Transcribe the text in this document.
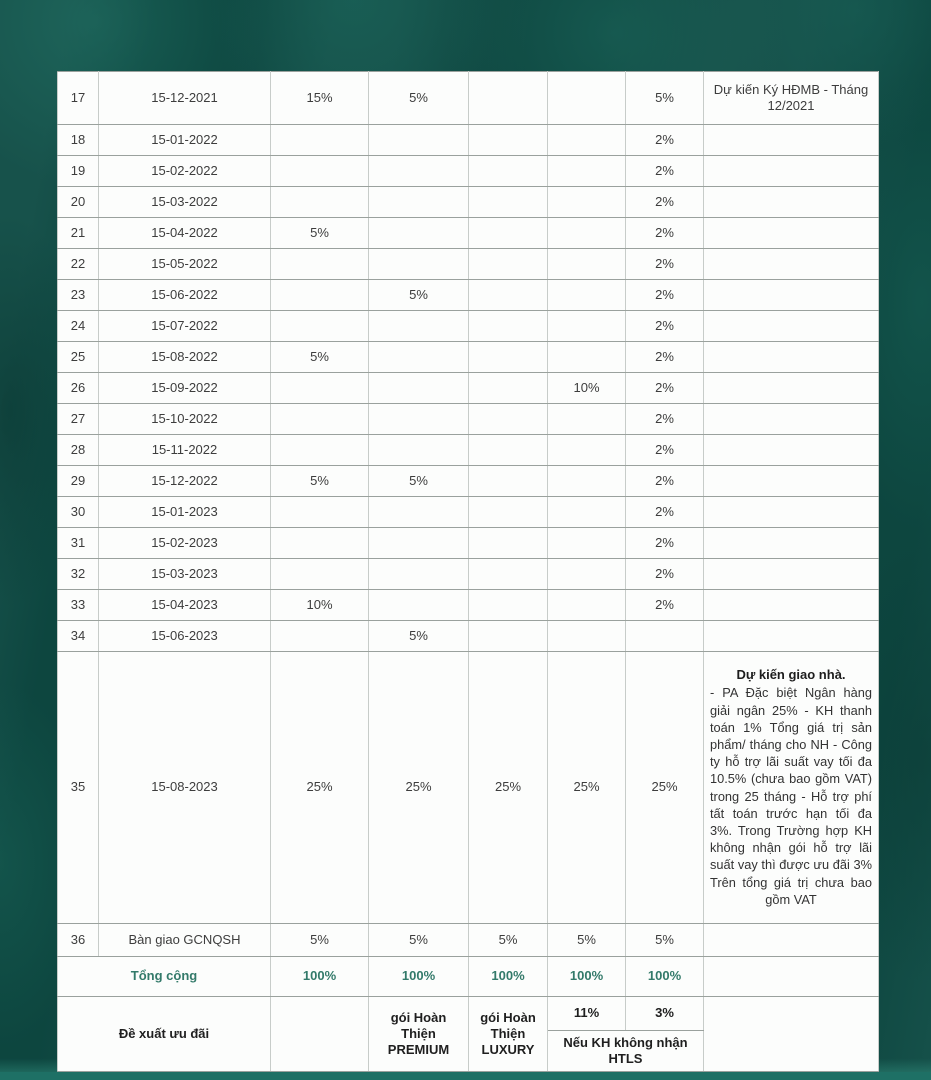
17	15-12-2021	15%	5%			5%	Dự kiến Ký HĐMB - Tháng 12/2021
18	15-01-2022					2%	
19	15-02-2022					2%	
20	15-03-2022					2%	
21	15-04-2022	5%				2%	
22	15-05-2022					2%	
23	15-06-2022		5%			2%	
24	15-07-2022					2%	
25	15-08-2022	5%				2%	
26	15-09-2022				10%	2%	
27	15-10-2022					2%	
28	15-11-2022					2%	
29	15-12-2022	5%	5%			2%	
30	15-01-2023					2%	
31	15-02-2023					2%	
32	15-03-2023					2%	
33	15-04-2023	10%				2%	
34	15-06-2023		5%				
35	15-08-2023	25%	25%	25%	25%	25%	Dự kiến giao nhà.
- PA Đặc biệt Ngân hàng giải ngân 25% - KH thanh toán 1% Tổng giá trị sản phẩm/ tháng cho NH - Công ty hỗ trợ lãi suất vay tối đa 10.5% (chưa bao gồm VAT) trong 25 tháng - Hỗ trợ phí tất toán trước hạn tối đa 3%. Trong Trường hợp KH không nhận gói hỗ trợ lãi suất vay thì được ưu đãi 3% Trên tổng giá trị chưa bao gồm VAT

36	Bàn giao GCNQSH	5%	5%	5%	5%	5%	
Tổng cộng		100%	100%	100%	100%	100%	
Đề xuất ưu đãi			gói Hoàn Thiện PREMIUM	gói Hoàn Thiện LUXURY	11%	3%	
					Nếu KH không nhận HTLS		
